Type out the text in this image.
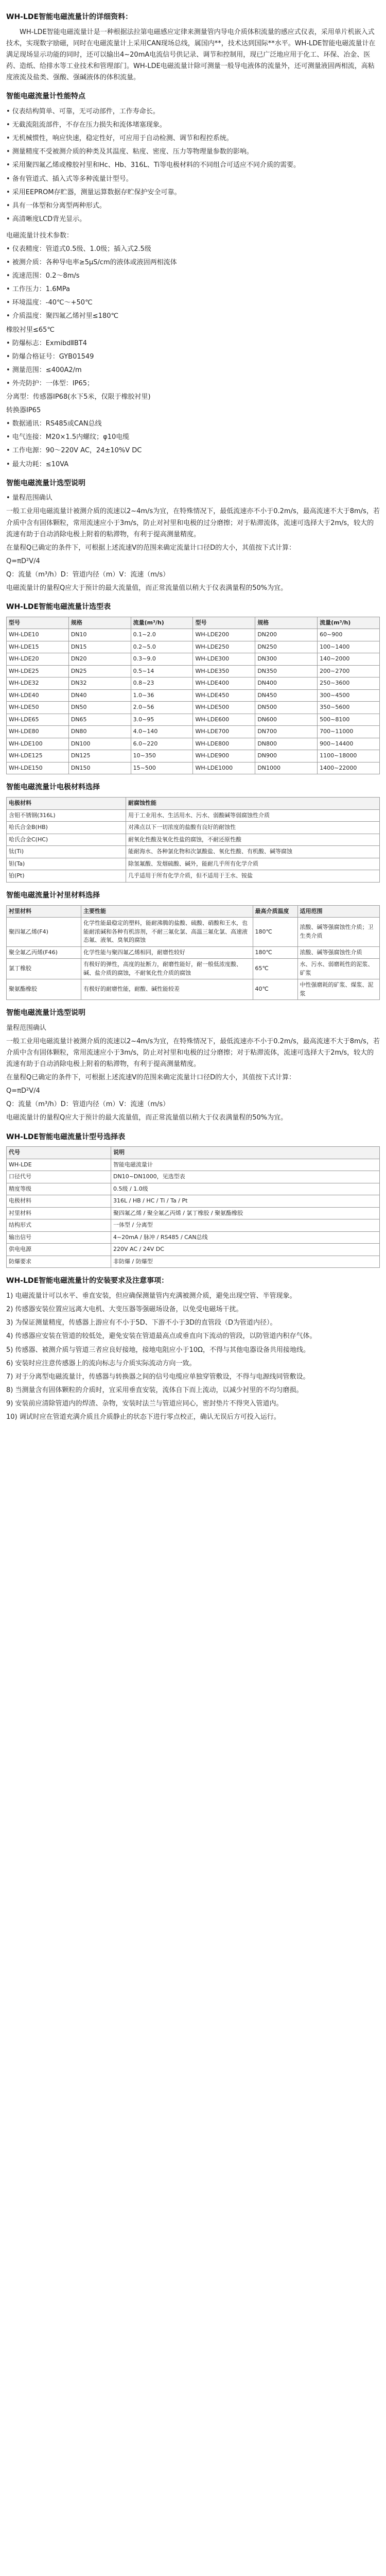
WH-LDE智能电磁流量计的详细资料：
WH-LDE智能电磁流量计是一种根据法拉第电磁感应定律来测量管内导电介质体积流量的感应式仪表，采用单片机嵌入式技术，实现数字励磁，同时在电磁流量计上采用CAN现场总线，属国内**，技术达到国际**水平。WH-LDE智能电磁流量计在满足现场显示功能的同时，还可以输出4~20mA电流信号供记录、调节和控制用，现已广泛地应用于化工、环保、冶金、医药、造纸、给排水等工业技术和管理部门。WH-LDE电磁流量计除可测量一般导电液体的流量外，还可测量液固两相流，高粘度液流及盐类、强酸、强碱液体的体积流量。
智能电磁流量计性能特点
• 仪表结构简单、可靠，无可动部件，工作寿命长。
• 无截流阻流部件，不存在压力损失和流体堵塞现象。
• 无机械惯性，响应快速，稳定性好，可应用于自动检测、调节和程控系统。
• 测量精度不受被测介质的种类及其温度、粘度、密度、压力等物理量参数的影响。
• 采用聚四氟乙烯或橡胶衬里和Hc、Hb、316L、Ti等电极材料的不同组合可适应不同介质的需要。
• 备有管道式、插入式等多种流量计型号。
• 采用EEPROM存贮器，测量运算数据存贮保护安全可靠。
• 具有一体型和分离型两种形式。
• 高清晰度LCD背光显示。
电磁流量计技术参数：
• 仪表精度：管道式0.5级、1.0级；插入式2.5级
• 被测介质：各种导电率≥5μS/cm的液体或液固两相流体
• 流速范围：0.2～8m/s
• 工作压力：1.6MPa
• 环境温度：-40℃～+50℃
• 介质温度：聚四氟乙烯衬里≤180℃
橡胶衬里≤65℃
• 防爆标志：ExmibdⅡBT4
• 防爆合格证号：GYB01549
• 测量范围：≤400A2/m
• 外壳防护：一体型：IP65；
分离型：传感器IP68(水下5米，仅限于橡胶衬里)
转换器IP65
• 数据通讯：RS485或CAN总线
• 电气连接：M20×1.5内螺纹；φ10电缆
• 工作电源：90～220V AC，24±10%V DC
• 最大功耗：≤10VA
智能电磁流量计选型说明
• 量程范围确认
一般工业用电磁流量计被测介质的流速以2~4m/s为宜，在特殊情况下，最低流速亦不小于0.2m/s，最高流速不大于8m/s，若介质中含有固体颗粒，常用流速应小于3m/s，防止对衬里和电极的过分磨擦；对于粘滞流体，流速可选择大于2m/s，较大的流速有助于自动消除电极上附着的粘滞物，有利于提高测量精度。
在量程Q已确定的条件下，可根据上述流速V的范围来确定流量计口径D的大小，其值按下式计算：
Q=πD²V/4
Q：流量（m³/h）D：管道内径（m）V：流速（m/s）
电磁流量计的量程Q应大于预计的最大流量值，而正常流量值以稍大于仪表满量程的50%为宜。
WH-LDE智能电磁流量计选型表
型号	规格	流量(m³/h)	型号	规格	流量(m³/h)
WH-LDE10	DN10	0.1~2.0	WH-LDE200	DN200	60~900
WH-LDE15	DN15	0.2~5.0	WH-LDE250	DN250	100~1400
WH-LDE20	DN20	0.3~9.0	WH-LDE300	DN300	140~2000
WH-LDE25	DN25	0.5~14	WH-LDE350	DN350	200~2700
WH-LDE32	DN32	0.8~23	WH-LDE400	DN400	250~3600
WH-LDE40	DN40	1.0~36	WH-LDE450	DN450	300~4500
WH-LDE50	DN50	2.0~56	WH-LDE500	DN500	350~5600
WH-LDE65	DN65	3.0~95	WH-LDE600	DN600	500~8100
WH-LDE80	DN80	4.0~140	WH-LDE700	DN700	700~11000
WH-LDE100	DN100	6.0~220	WH-LDE800	DN800	900~14400
WH-LDE125	DN125	10~350	WH-LDE900	DN900	1100~18000
WH-LDE150	DN150	15~500	WH-LDE1000	DN1000	1400~22000
智能电磁流量计电极材料选择
电极材料	耐腐蚀性能
含钼不锈钢(316L)	用于工业用水、生活用水、污水、弱酸碱等弱腐蚀性介质
哈氏合金B(HB)	对沸点以下一切浓度的盐酸有良好的耐蚀性
哈氏合金C(HC)	耐氧化性酸及氧化性盐的腐蚀，不耐还原性酸
钛(Ti)	能耐海水、各种氯化物和次氯酸盐、氧化性酸、有机酸、碱等腐蚀
钽(Ta)	除氢氟酸、发烟硫酸、碱外，能耐几乎所有化学介质
铂(Pt)	几乎适用于所有化学介质，但不适用于王水、铵盐
智能电磁流量计衬里材料选择
衬里材料	主要性能	最高介质温度	适用范围
聚四氟乙烯(F4)	化学性能最稳定的塑料，能耐沸腾的盐酸、硫酸、硝酸和王水，也能耐浓碱和各种有机溶剂，不耐三氟化氯、高温三氟化氯、高速液态氟、液氧、臭氧的腐蚀	180℃	浓酸、碱等强腐蚀性介质；卫生类介质
聚全氟乙丙烯(F46)	化学性能与聚四氟乙烯相同，耐磨性较好	180℃	浓酸、碱等强腐蚀性介质
氯丁橡胶	有极好的弹性，高度的扯断力，耐磨性能好，耐一般低浓度酸、碱、盐介质的腐蚀，不耐氧化性介质的腐蚀	65℃	水、污水、弱磨耗性的泥浆、矿浆
聚氨酯橡胶	有极好的耐磨性能，耐酸、碱性能较差	40℃	中性强磨耗的矿浆、煤浆、泥浆
智能电磁流量计选型说明
量程范围确认
一般工业用电磁流量计被测介质的流速以2~4m/s为宜，在特殊情况下，最低流速亦不小于0.2m/s，最高流速不大于8m/s，若介质中含有固体颗粒，常用流速应小于3m/s，防止对衬里和电极的过分磨擦；对于粘滞流体，流速可选择大于2m/s，较大的流速有助于自动消除电极上附着的粘滞物，有利于提高测量精度。
在量程Q已确定的条件下，可根据上述流速V的范围来确定流量计口径D的大小，其值按下式计算：
Q=πD²V/4
Q：流量（m³/h）D：管道内径（m）V：流速（m/s）
电磁流量计的量程Q应大于预计的最大流量值，而正常流量值以稍大于仪表满量程的50%为宜。
WH-LDE智能电磁流量计型号选择表
代号	说明
WH-LDE	智能电磁流量计
口径代号	DN10~DN1000，见选型表
精度等级	0.5级 / 1.0级
电极材料	316L / HB / HC / Ti / Ta / Pt
衬里材料	聚四氟乙烯 / 聚全氟乙丙烯 / 氯丁橡胶 / 聚氨酯橡胶
结构形式	一体型 / 分离型
输出信号	4~20mA / 脉冲 / RS485 / CAN总线
供电电源	220V AC / 24V DC
防爆要求	非防爆 / 防爆型
WH-LDE智能电磁流量计的安装要求及注意事项：
1) 电磁流量计可以水平、垂直安装，但应确保测量管内充满被测介质，避免出现空管、半管现象。
2) 传感器安装位置应远离大电机、大变压器等强磁场设备，以免受电磁场干扰。
3) 为保证测量精度，传感器上游应有不小于5D、下游不小于3D的直管段（D为管道内径）。
4) 传感器应安装在管道的较低处，避免安装在管道最高点或垂直向下流动的管段，以防管道内积存气体。
5) 传感器、被测介质与管道三者应良好接地，接地电阻应小于10Ω，不得与其他电器设备共用接地线。
6) 安装时应注意传感器上的流向标志与介质实际流动方向一致。
7) 对于分离型电磁流量计，传感器与转换器之间的信号电缆应单独穿管敷设，不得与电源线同管敷设。
8) 当测量含有固体颗粒的介质时，宜采用垂直安装，流体自下而上流动，以减少衬里的不均匀磨损。
9) 安装前应清除管道内的焊渣、杂物，安装时法兰与管道应同心，密封垫片不得突入管道内。
10) 调试时应在管道充满介质且介质静止的状态下进行零点校正，确认无误后方可投入运行。
